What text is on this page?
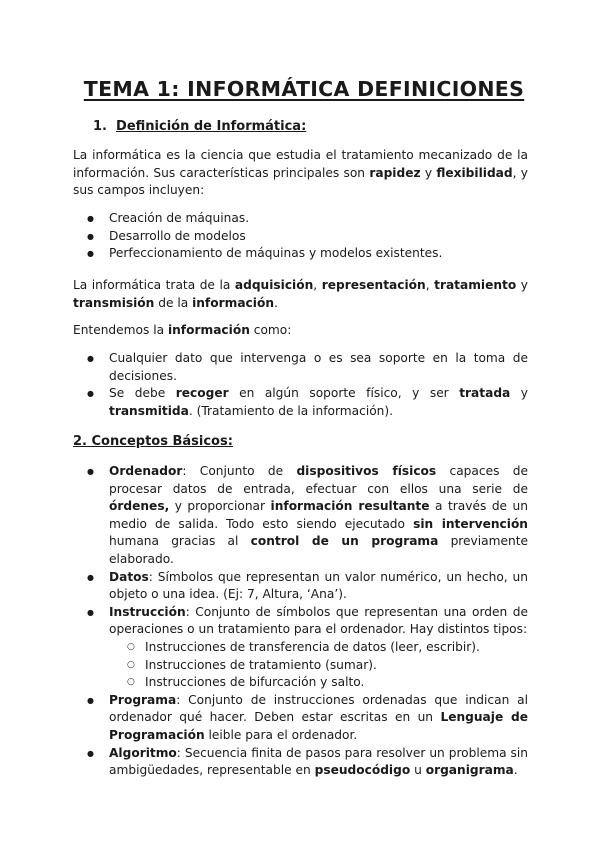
TEMA 1: INFORMÁTICA DEFINICIONES
1. Definición de Informática:

La informática es la ciencia que estudia el tratamiento mecanizado de la información. Sus características principales son rapidez y flexibilidad, y sus campos incluyen:

● Creación de máquinas.
● Desarrollo de modelos
● Perfeccionamiento de máquinas y modelos existentes.

La informática trata de la adquisición, representación, tratamiento y transmisión de la información.

Entendemos la información como:

● Cualquier dato que intervenga o es sea soporte en la toma de decisiones.
● Se debe recoger en algún soporte físico, y ser tratada y transmitida. (Tratamiento de la información).
2. Conceptos Básicos:
● Ordenador: Conjunto de dispositivos físicos capaces de procesar datos de entrada, efectuar con ellos una serie de órdenes, y proporcionar información resultante a través de un medio de salida. Todo esto siendo ejecutado sin intervención humana gracias al control de un programa previamente elaborado.
● Datos: Símbolos que representan un valor numérico, un hecho, un objeto o una idea. (Ej: 7, Altura, ‘Ana’).
● Instrucción: Conjunto de símbolos que representan una orden de operaciones o un tratamiento para el ordenador. Hay distintos tipos:
○ Instrucciones de transferencia de datos (leer, escribir).
○ Instrucciones de tratamiento (sumar).
○ Instrucciones de bifurcación y salto.
● Programa: Conjunto de instrucciones ordenadas que indican al ordenador qué hacer. Deben estar escritas en un Lenguaje de Programación leible para el ordenador.
● Algoritmo: Secuencia finita de pasos para resolver un problema sin ambigüedades, representable en pseudocódigo u organigrama.
